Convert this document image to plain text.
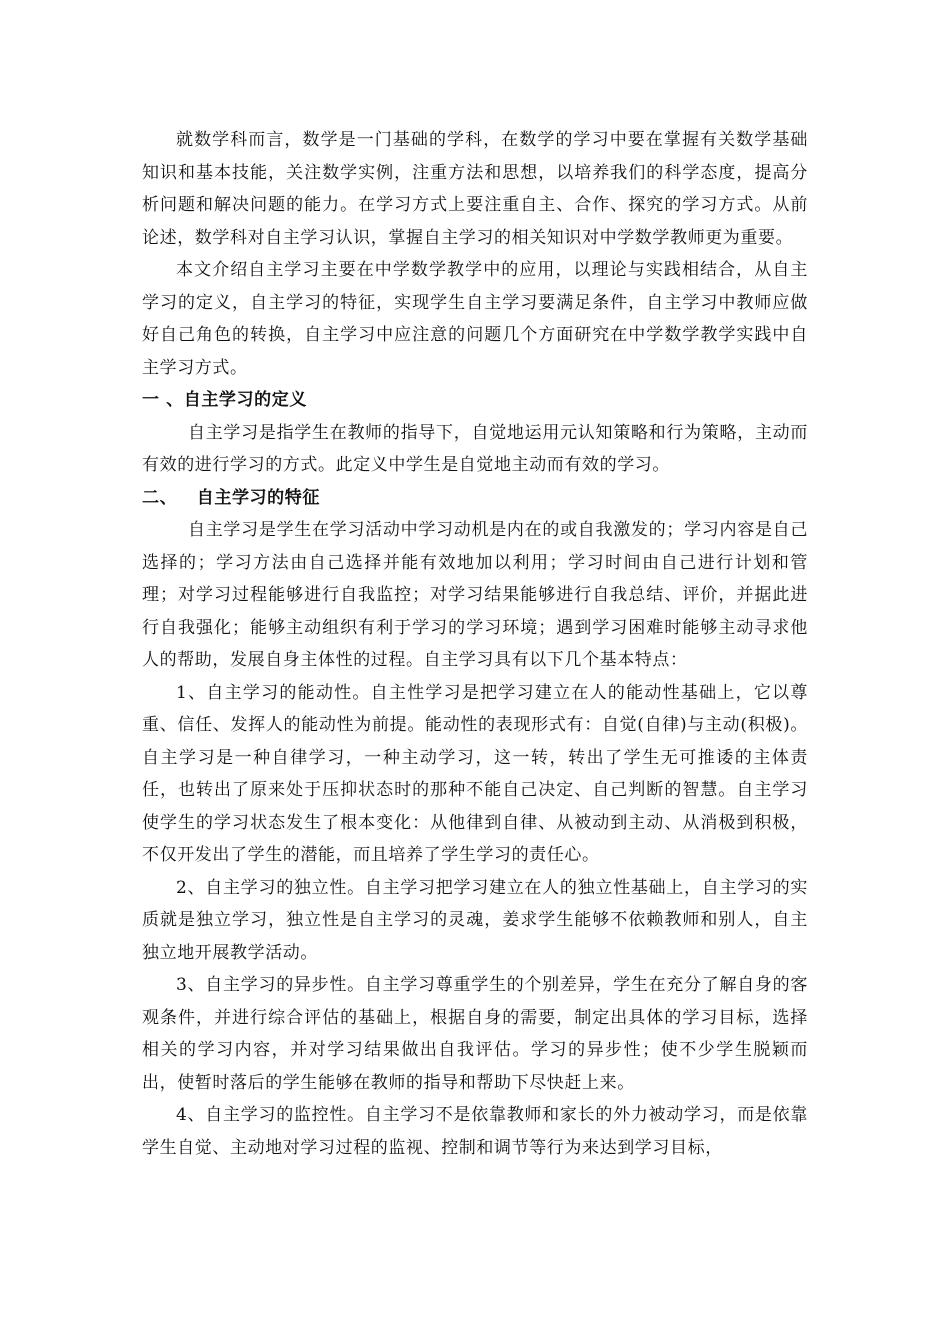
就数学科而言，数学是一门基础的学科，在数学的学习中要在掌握有关数学基础知识和基本技能，关注数学实例，注重方法和思想，以培养我们的科学态度，提高分析问题和解决问题的能力。在学习方式上要注重自主、合作、探究的学习方式。从前论述，数学科对自主学习认识，掌握自主学习的相关知识对中学数学教师更为重要。

本文介绍自主学习主要在中学数学教学中的应用，以理论与实践相结合，从自主学习的定义，自主学习的特征，实现学生自主学习要满足条件，自主学习中教师应做好自己角色的转换，自主学习中应注意的问题几个方面研究在中学数学教学实践中自主学习方式。

一 、自主学习的定义

自主学习是指学生在教师的指导下，自觉地运用元认知策略和行为策略，主动而有效的进行学习的方式。此定义中学生是自觉地主动而有效的学习。

二、   自主学习的特征

自主学习是学生在学习活动中学习动机是内在的或自我激发的；学习内容是自己选择的；学习方法由自己选择并能有效地加以利用；学习时间由自己进行计划和管理；对学习过程能够进行自我监控；对学习结果能够进行自我总结、评价，并据此进行自我强化；能够主动组织有利于学习的学习环境；遇到学习困难时能够主动寻求他人的帮助，发展自身主体性的过程。自主学习具有以下几个基本特点：

1、自主学习的能动性。自主性学习是把学习建立在人的能动性基础上，它以尊重、信任、发挥人的能动性为前提。能动性的表现形式有：自觉(自律)与主动(积极)。自主学习是一种自律学习，一种主动学习，这一转，转出了学生无可推诿的主体责任，也转出了原来处于压抑状态时的那种不能自己决定、自己判断的智慧。自主学习使学生的学习状态发生了根本变化：从他律到自律、从被动到主动、从消极到积极，不仅开发出了学生的潜能，而且培养了学生学习的责任心。

2、自主学习的独立性。自主学习把学习建立在人的独立性基础上，自主学习的实质就是独立学习，独立性是自主学习的灵魂，姜求学生能够不依赖教师和别人，自主独立地开展教学活动。

3、自主学习的异步性。自主学习尊重学生的个别差异，学生在充分了解自身的客观条件，并进行综合评估的基础上，根据自身的需要，制定出具体的学习目标，选择相关的学习内容，并对学习结果做出自我评估。学习的异步性；使不少学生脱颖而出，使暂时落后的学生能够在教师的指导和帮助下尽快赶上来。

4、自主学习的监控性。自主学习不是依靠教师和家长的外力被动学习，而是依靠学生自觉、主动地对学习过程的监视、控制和调节等行为来达到学习目标，
